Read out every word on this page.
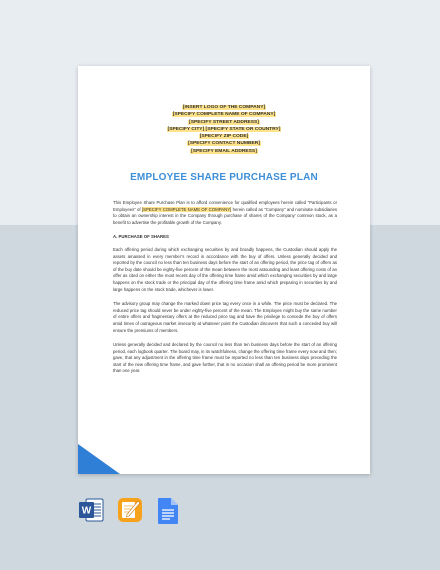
[INSERT LOGO OF THE COMPANY]
[SPECIFY COMPLETE NAME OF COMPANY]
[SPECIFY STREET ADDRESS]
[SPECIFY CITY] [SPECIFY STATE OR COUNTRY]
[SPECIFY ZIP CODE]
[SPECIFY CONTACT NUMBER]
[SPECIFY EMAIL ADDRESS]
EMPLOYEE SHARE PURCHASE PLAN

This Employee Share Purchase Plan is to afford convenience for qualified employees herein called “Participants or Employees” of [SPECIFY COMPLETE NAME OF COMPANY] herein called as “Company” and nominate subsidiaries to obtain an ownership interest in the Company through purchase of shares of the Company’ common stock, as a benefit to advertise the profitable growth of the Company.

A. PURCHASE OF SHARES

Each offering period during which exchanging securities by and broadly happens, the Custodian should apply the assets amassed in every member’s record in accordance with the buy of offers. Unless generally decided and reported by the council no less than ten business days before the start of an offering period, the price tag of offers as of the buy date should be eighty-five percent of the mean between the most astounding and least offering costs of an offer as cited on either the most recent day of the offering time frame amid which exchanging securities by and large happens on the stock trade or the principal day of the offering time frame amid which preparing in securities by and large happens on the stock trade, whichever is lower.

The advisory group may change the marked down price tag every once in a while. The price must be declared. The reduced price tag should never be under eighty-five percent of the mean. The Employee might buy the same number of entire offers and fragmentary offers at the reduced price tag and have the privilege to concede the buy of offers amid times of outrageous market insecurity at whatever point the Custodian discovers that such a conceded buy will ensure the premiums of members.

Unless generally decided and declared by the council no less than ten business days before the start of an offering period, each logbook quarter. The board may, in its watchfulness, change the offering time frame every now and then; gave, that any adjustment in the offering time frame must be reported no less than ten business days preceding the start of the new offering time frame, and gave further, that in no occasion shall an offering period be more prominent than one year.

W
